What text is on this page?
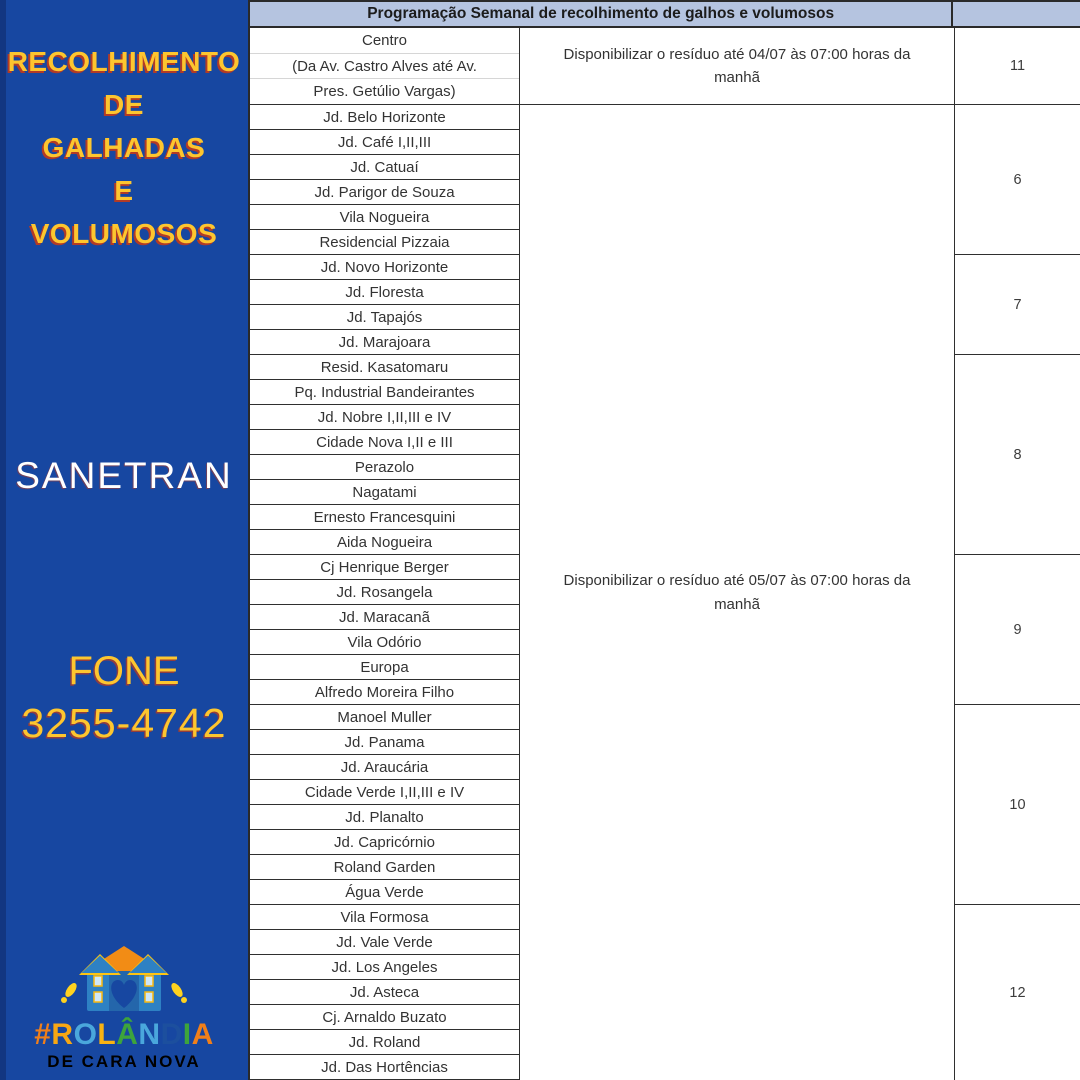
RECOLHIMENTO
DE
GALHADAS
E
VOLUMOSOS
SANETRAN
FONE
3255-4742
#ROLÂNDIA
DE CARA NOVA
Programação Semanal de recolhimento de galhos e volumosos
Centro
(Da Av. Castro Alves até Av.
Pres. Getúlio Vargas)
11
Jd. Belo Horizonte
Jd. Café I,II,III
Jd. Catuaí
Jd. Parigor de Souza
Vila Nogueira
Residencial Pizzaia
6
Jd. Novo Horizonte
Jd. Floresta
Jd. Tapajós
Jd. Marajoara
7
Resid. Kasatomaru
Pq. Industrial Bandeirantes
Jd. Nobre I,II,III e IV
Cidade Nova I,II e III
Perazolo
Nagatami
Ernesto Francesquini
Aida Nogueira
8
Cj Henrique Berger
Jd. Rosangela
Jd. Maracanã
Vila Odório
Europa
Alfredo Moreira Filho
9
Manoel Muller
Jd. Panama
Jd. Araucária
Cidade Verde I,II,III e IV
Jd. Planalto
Jd. Capricórnio
Roland Garden
Água Verde
10
Vila Formosa
Jd. Vale Verde
Jd. Los Angeles
Jd. Asteca
Cj. Arnaldo Buzato
Jd. Roland
Jd. Das Hortências
12
Disponibilizar o resíduo até 04/07 às 07:00 horas da manhã
Disponibilizar o resíduo até 05/07 às 07:00 horas da manhã
